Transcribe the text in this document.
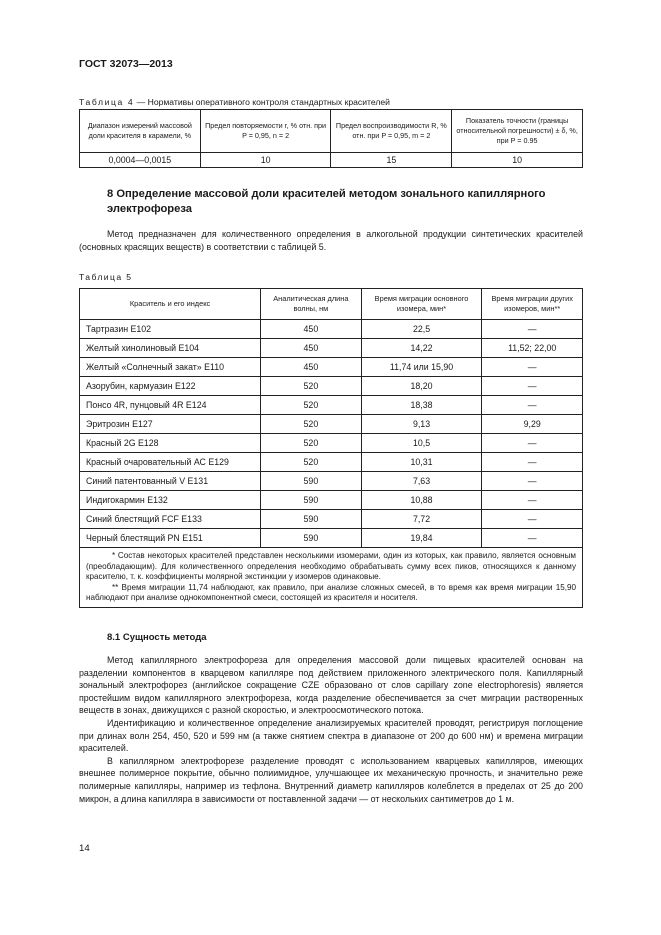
ГОСТ 32073—2013
Таблица 4 — Нормативы оперативного контроля стандартных красителей
Диапазон измерений массовой доли красителя в карамели, %	Предел повторяемости r, % отн. при P = 0,95, n = 2	Предел воспроизводимости R, % отн. при P = 0,95, m = 2	Показатель точности (границы относительной погрешности) ± δ, %, при P = 0.95
0,0004—0,0015	10	15	10
8 Определение массовой доли красителей методом зонального капиллярного электрофореза

Метод предназначен для количественного определения в алкогольной продукции синтетических красителей (основных красящих веществ) в соответствии с таблицей 5.

Таблица 5
Краситель и его индекс	Аналитическая длина волны, нм	Время миграции основного изомера, мин*	Время миграции других изомеров, мин**
Тартразин Е102	450	22,5	—
Желтый хинолиновый Е104	450	14,22	11,52; 22,00
Желтый «Солнечный закат» Е110	450	11,74 или 15,90	—
Азорубин, кармуазин Е122	520	18,20	—
Понсо 4R, пунцовый 4R Е124	520	18,38	—
Эритрозин Е127	520	9,13	9,29
Красный 2G Е128	520	10,5	—
Красный очаровательный АС Е129	520	10,31	—
Синий патентованный V Е131	590	7,63	—
Индигокармин Е132	590	10,88	—
Синий блестящий FCF Е133	590	7,72	—
Черный блестящий PN Е151	590	19,84	—

* Состав некоторых красителей представлен несколькими изомерами, один из которых, как правило, является основным (преобладающим). Для количественного определения необходимо обрабатывать сумму всех пиков, относящихся к данному красителю, т. к. коэффициенты молярной экстинкции у изомеров одинаковые.

** Время миграции 11,74 наблюдают, как правило, при анализе сложных смесей, в то время как время миграции 15,90 наблюдают при анализе однокомпонентной смеси, состоящей из красителя и носителя.			

8.1 Сущность метода

Метод капиллярного электрофореза для определения массовой доли пищевых красителей основан на разделении компонентов в кварцевом капилляре под действием приложенного электрического поля. Капиллярный зональный электрофорез (английское сокращение CZE образовано от слов capillary zone electrophoresis) является простейшим видом капиллярного электрофореза, когда разделение обеспечивается за счет миграции растворенных веществ в зонах, движущихся с разной скоростью, и электроосмотического потока.

Идентификацию и количественное определение анализируемых красителей проводят, регистрируя поглощение при длинах волн 254, 450, 520 и 599 нм (а также снятием спектра в диапазоне от 200 до 600 нм) и времена миграции красителей.

В капиллярном электрофорезе разделение проводят с использованием кварцевых капилляров, имеющих внешнее полимерное покрытие, обычно полиимидное, улучшающее их механическую прочность, и значительно реже полимерные капилляры, например из тефлона. Внутренний диаметр капилляров колеблется в пределах от 25 до 200 микрон, а длина капилляра в зависимости от поставленной задачи — от нескольких сантиметров до 1 м.

14
